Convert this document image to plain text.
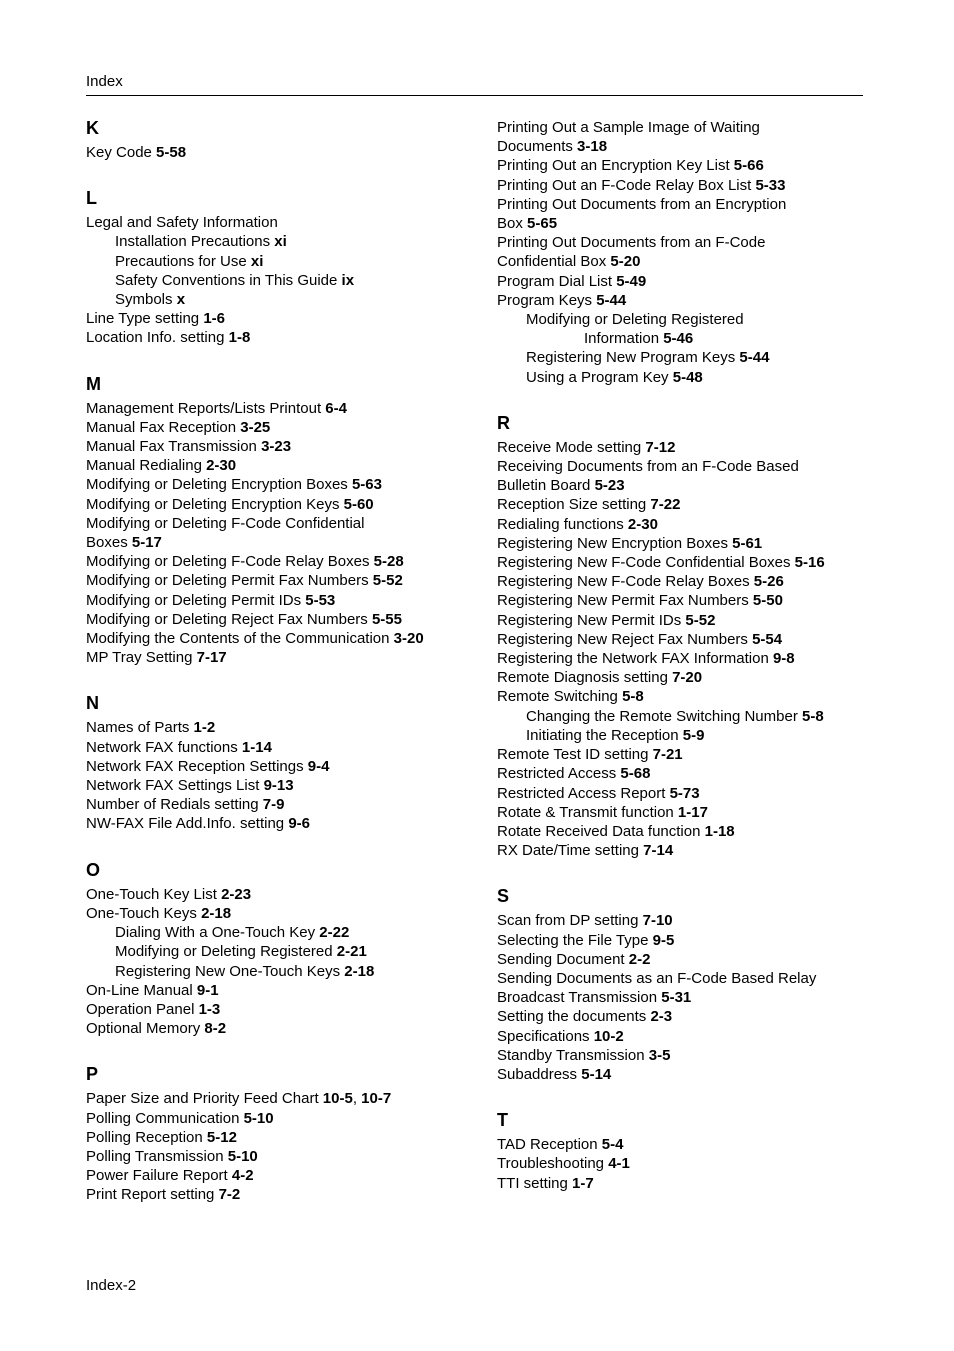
Index
K
Key Code 5-58
L
Legal and Safety Information
Installation Precautions xi
Precautions for Use xi
Safety Conventions in This Guide ix
Symbols x
Line Type setting 1-6
Location Info. setting 1-8
M
Management Reports/Lists Printout 6-4
Manual Fax Reception 3-25
Manual Fax Transmission 3-23
Manual Redialing 2-30
Modifying or Deleting Encryption Boxes 5-63
Modifying or Deleting Encryption Keys 5-60
Modifying or Deleting F-Code Confidential
Boxes 5-17
Modifying or Deleting F-Code Relay Boxes 5-28
Modifying or Deleting Permit Fax Numbers 5-52
Modifying or Deleting Permit IDs 5-53
Modifying or Deleting Reject Fax Numbers 5-55
Modifying the Contents of the Communication 3-20
MP Tray Setting 7-17
N
Names of Parts 1-2
Network FAX functions 1-14
Network FAX Reception Settings 9-4
Network FAX Settings List 9-13
Number of Redials setting 7-9
NW-FAX File Add.Info. setting 9-6
O
One-Touch Key List 2-23
One-Touch Keys 2-18
Dialing With a One-Touch Key 2-22
Modifying or Deleting Registered 2-21
Registering New One-Touch Keys 2-18
On-Line Manual 9-1
Operation Panel 1-3
Optional Memory 8-2
P
Paper Size and Priority Feed Chart 10-5, 10-7
Polling Communication 5-10
Polling Reception 5-12
Polling Transmission 5-10
Power Failure Report 4-2
Print Report setting 7-2
Printing Out a Sample Image of Waiting
Documents 3-18
Printing Out an Encryption Key List 5-66
Printing Out an F-Code Relay Box List 5-33
Printing Out Documents from an Encryption
Box 5-65
Printing Out Documents from an F-Code
Confidential Box 5-20
Program Dial List 5-49
Program Keys 5-44
Modifying or Deleting Registered
Information 5-46
Registering New Program Keys 5-44
Using a Program Key 5-48
R
Receive Mode setting 7-12
Receiving Documents from an F-Code Based
Bulletin Board 5-23
Reception Size setting 7-22
Redialing functions 2-30
Registering New Encryption Boxes 5-61
Registering New F-Code Confidential Boxes 5-16
Registering New F-Code Relay Boxes 5-26
Registering New Permit Fax Numbers 5-50
Registering New Permit IDs 5-52
Registering New Reject Fax Numbers 5-54
Registering the Network FAX Information 9-8
Remote Diagnosis setting 7-20
Remote Switching 5-8
Changing the Remote Switching Number 5-8
Initiating the Reception 5-9
Remote Test ID setting 7-21
Restricted Access 5-68
Restricted Access Report 5-73
Rotate & Transmit function 1-17
Rotate Received Data function 1-18
RX Date/Time setting 7-14
S
Scan from DP setting 7-10
Selecting the File Type 9-5
Sending Document 2-2
Sending Documents as an F-Code Based Relay
Broadcast Transmission 5-31
Setting the documents 2-3
Specifications 10-2
Standby Transmission 3-5
Subaddress 5-14
T
TAD Reception 5-4
Troubleshooting 4-1
TTI setting 1-7
Index-2
